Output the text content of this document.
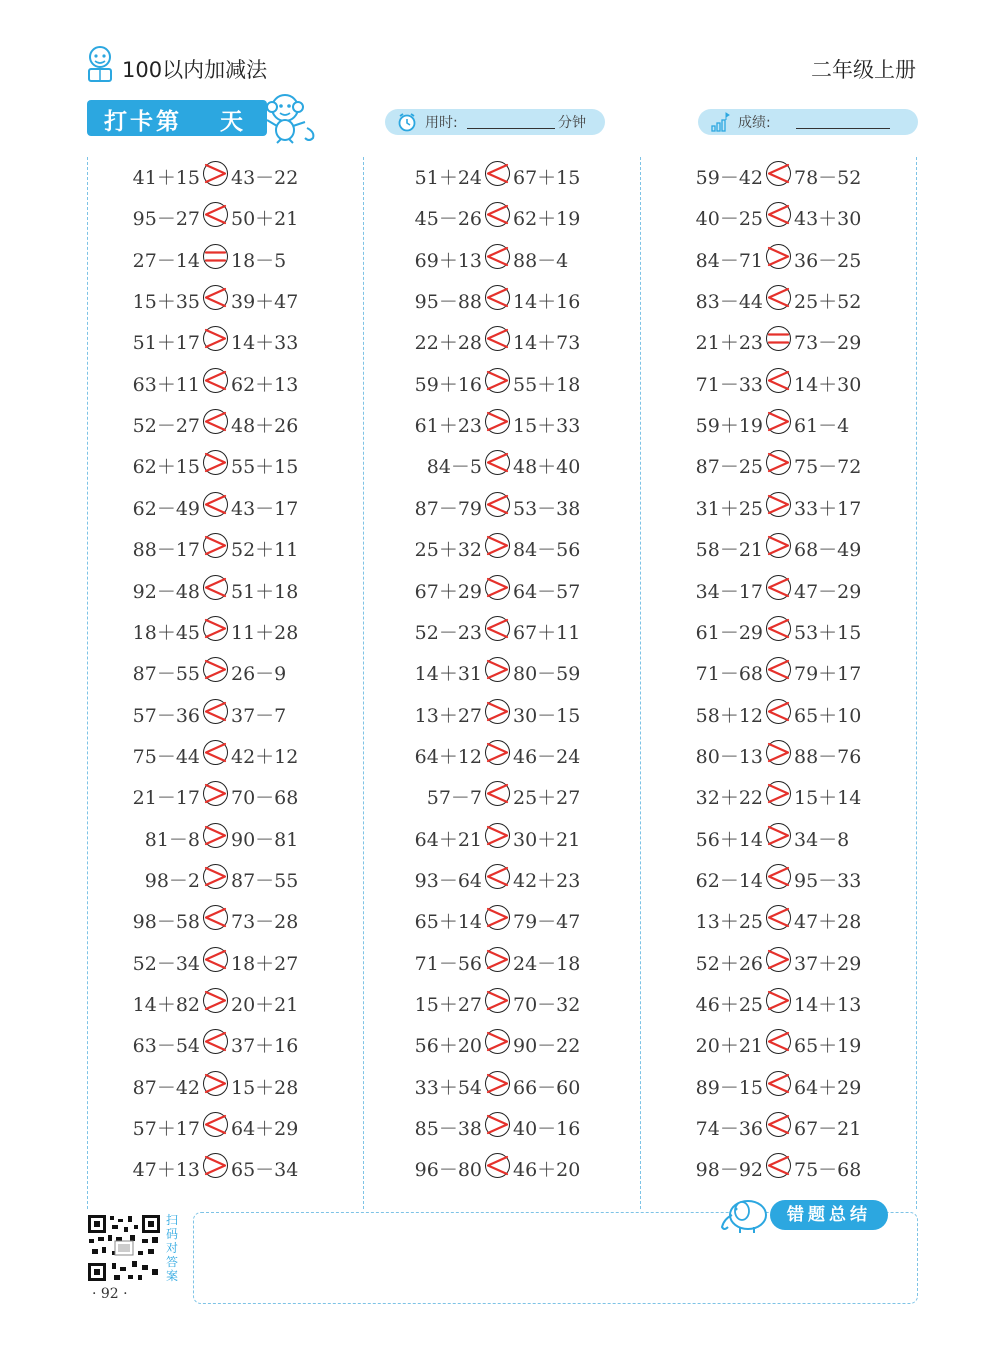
100以内加减法	二年级上册
打卡第 天	用时:	分钟	成绩:
41＋15 43－22
95－27 50＋21
27－14 18－5
15＋35 39＋47
51＋17 14＋33
63＋11 62＋13
52－27 48＋26
62＋15 55＋15
62－49 43－17
88－17 52＋11
92－48 51＋18
18＋45 11＋28
87－55 26－9
57－36 37－7
75－44 42＋12
21－17 70－68
81－8 90－81
98－2 87－55
98－58 73－28
52－34 18＋27
14＋82 20＋21
63－54 37＋16
87－42 15＋28
57＋17 64＋29
47＋13 65－34
51＋24 67＋15
45－26 62＋19
69＋13 88－4
95－88 14＋16
22＋28 14＋73
59＋16 55＋18
61＋23 15＋33
84－5 48＋40
87－79 53－38
25＋32 84－56
67＋29 64－57
52－23 67＋11
14＋31 80－59
13＋27 30－15
64＋12 46－24
57－7 25＋27
64＋21 30＋21
93－64 42＋23
65＋14 79－47
71－56 24－18
15＋27 70－32
56＋20 90－22
33＋54 66－60
85－38 40－16
96－80 46＋20
59－42 78－52
40－25 43＋30
84－71 36－25
83－44 25＋52
21＋23 73－29
71－33 14＋30
59＋19 61－4
87－25 75－72
31＋25 33＋17
58－21 68－49
34－17 47－29
61－29 53＋15
71－68 79＋17
58＋12 65＋10
80－13 88－76
32＋22 15＋14
56＋14 34－8
62－14 95－33
13＋25 47＋28
52＋26 37＋29
46＋25 14＋13
20＋21 65＋19
89－15 64＋29
74－36 67－21
98－92 75－68
扫码对答案
· 92 ·
错题总结
